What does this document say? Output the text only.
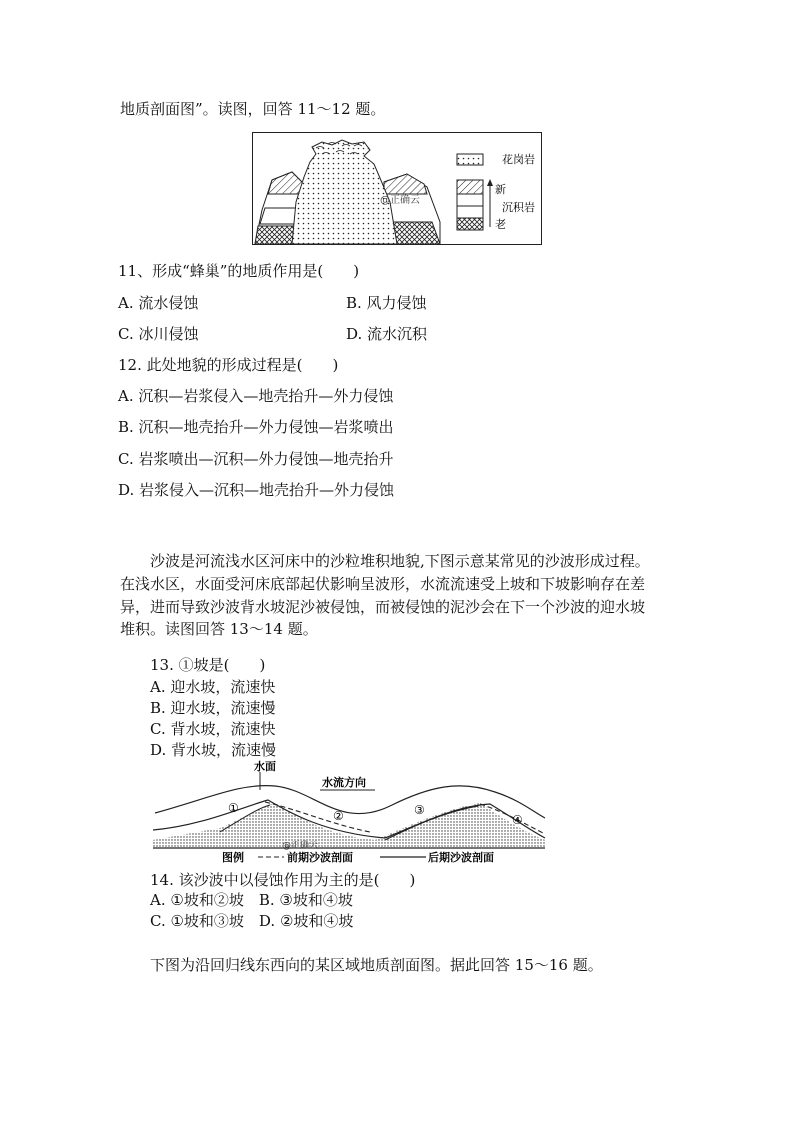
地质剖面图”。读图，回答 11～12 题。
@正确云
花岗岩
新
沉积岩
老
11、形成“蜂巢”的地质作用是(　　)
A. 流水侵蚀	B. 风力侵蚀
C. 冰川侵蚀	D. 流水沉积
12. 此处地貌的形成过程是(　　)
A. 沉积—岩浆侵入—地壳抬升—外力侵蚀
B. 沉积—地壳抬升—外力侵蚀—岩浆喷出
C. 岩浆喷出—沉积—外力侵蚀—地壳抬升
D. 岩浆侵入—沉积—地壳抬升—外力侵蚀
沙波是河流浅水区河床中的沙粒堆积地貌,下图示意某常见的沙波形成过程。
在浅水区，水面受河床底部起伏影响呈波形，水流流速受上坡和下坡影响存在差
异，进而导致沙波背水坡泥沙被侵蚀，而被侵蚀的泥沙会在下一个沙波的迎水坡
堆积。读图回答 13～14 题。
13. ①坡是(　　)
A. 迎水坡，流速快
B. 迎水坡，流速慢
C. 背水坡，流速快
D. 背水坡，流速慢
水面
水流方向
①
②	③
④
@正确云
图例	前期沙波剖面	后期沙波剖面
14. 该沙波中以侵蚀作用为主的是(　　)
A. ①坡和②坡　B. ③坡和④坡
C. ①坡和③坡　D. ②坡和④坡
下图为沿回归线东西向的某区域地质剖面图。据此回答 15～16 题。
